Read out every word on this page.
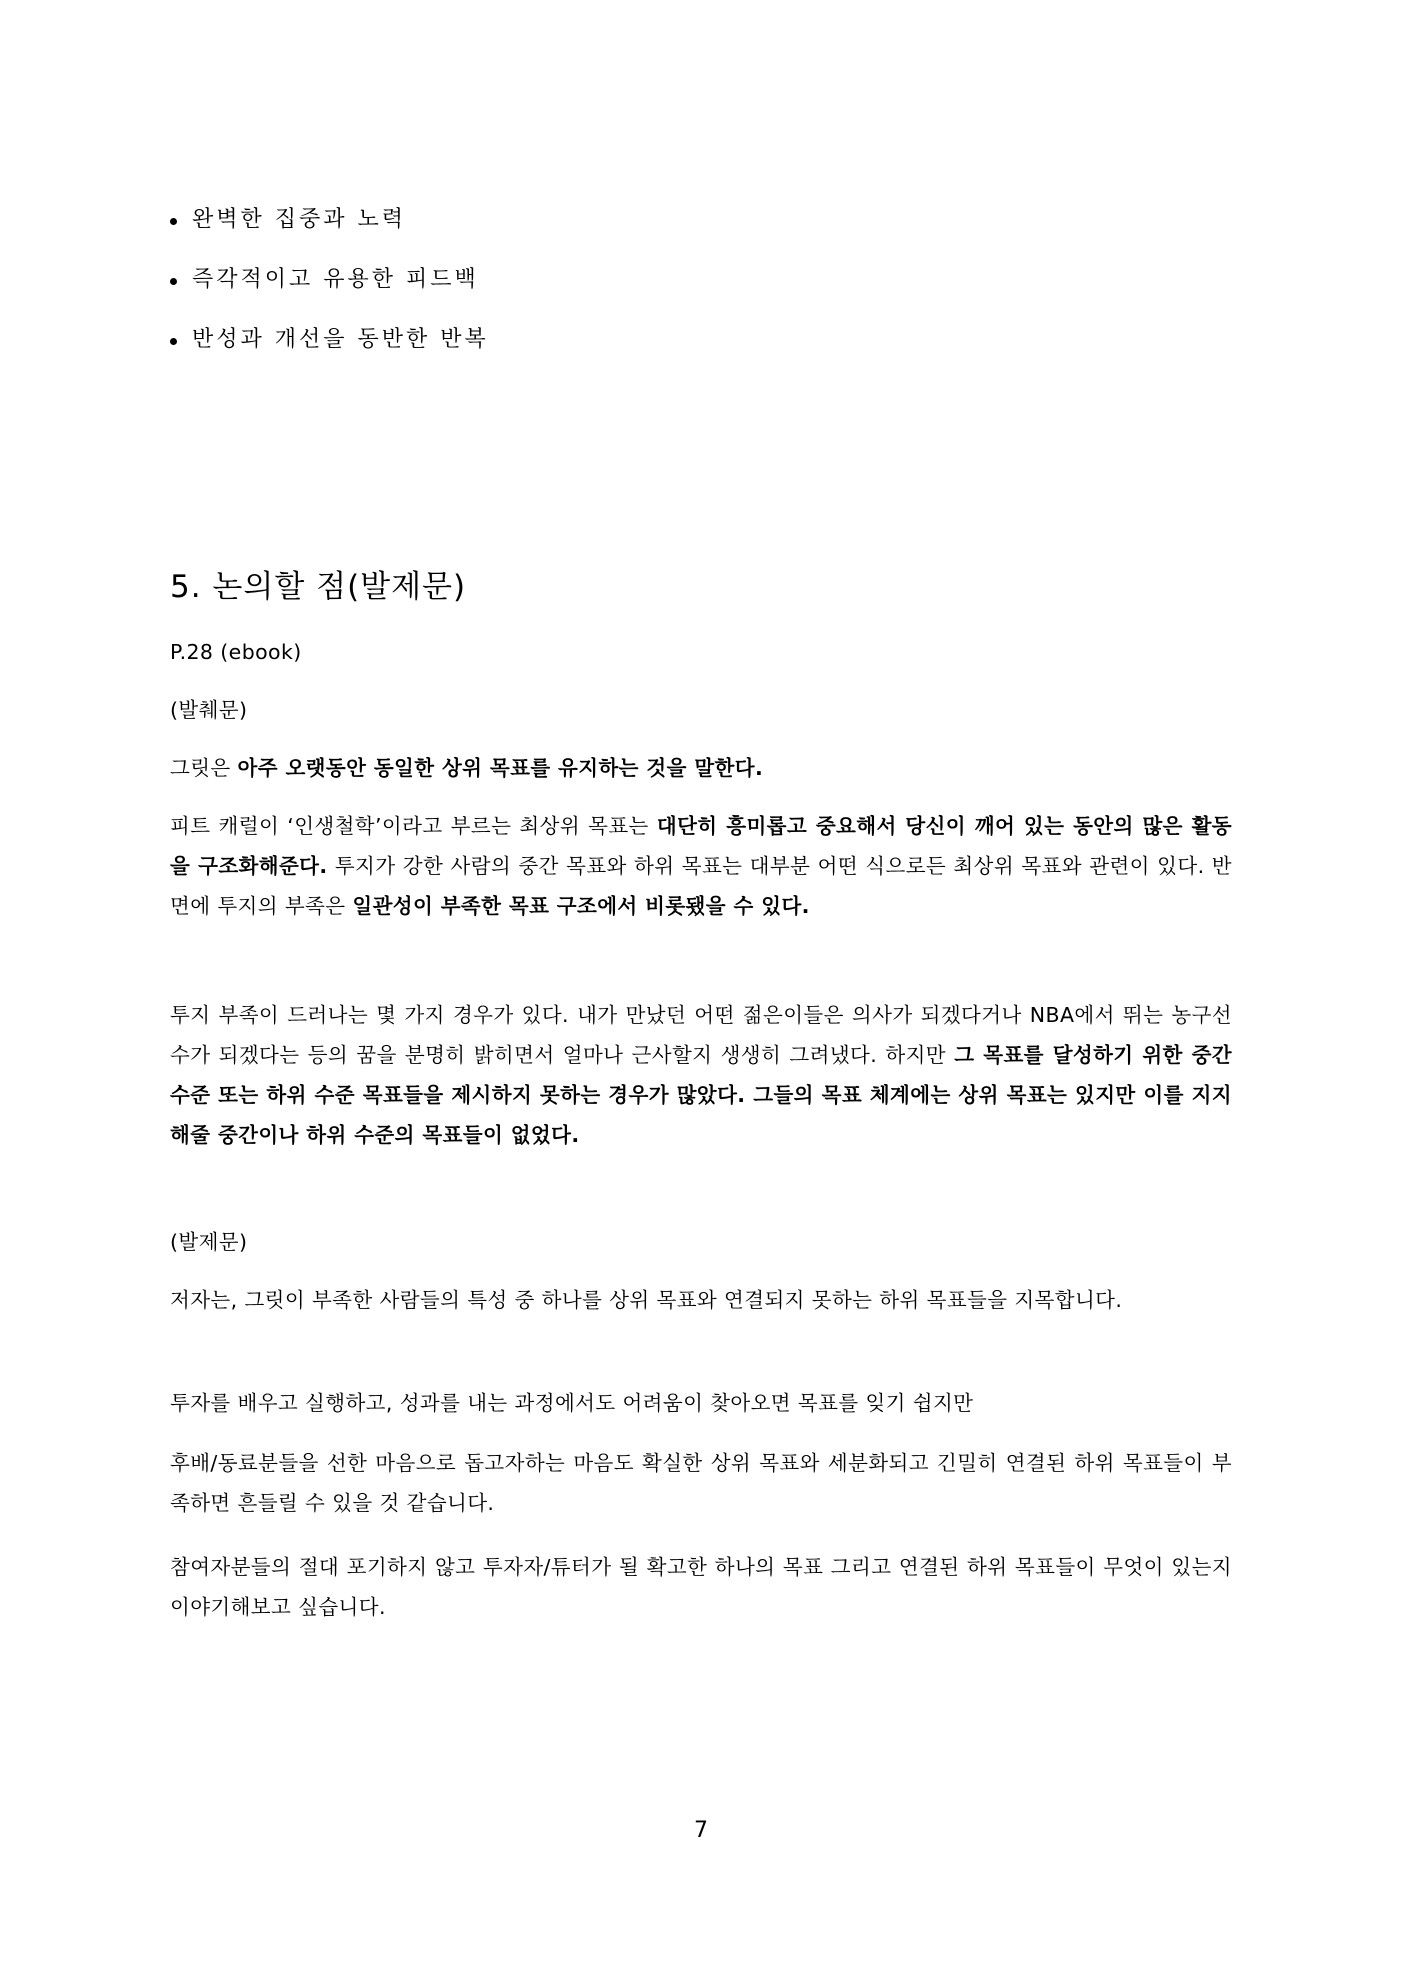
완벽한 집중과 노력
즉각적이고 유용한 피드백
반성과 개선을 동반한 반복
5. 논의할 점(발제문)

P.28 (ebook)

(발췌문)

그릿은 아주 오랫동안 동일한 상위 목표를 유지하는 것을 말한다.

피트 캐럴이 ‘인생철학’이라고 부르는 최상위 목표는 대단히 흥미롭고 중요해서 당신이 깨어 있는 동안의 많은 활동을 구조화해준다. 투지가 강한 사람의 중간 목표와 하위 목표는 대부분 어떤 식으로든 최상위 목표와 관련이 있다. 반면에 투지의 부족은 일관성이 부족한 목표 구조에서 비롯됐을 수 있다.

투지 부족이 드러나는 몇 가지 경우가 있다. 내가 만났던 어떤 젊은이들은 의사가 되겠다거나 NBA에서 뛰는 농구선수가 되겠다는 등의 꿈을 분명히 밝히면서 얼마나 근사할지 생생히 그려냈다. 하지만 그 목표를 달성하기 위한 중간 수준 또는 하위 수준 목표들을 제시하지 못하는 경우가 많았다. 그들의 목표 체계에는 상위 목표는 있지만 이를 지지해줄 중간이나 하위 수준의 목표들이 없었다.

(발제문)

저자는, 그릿이 부족한 사람들의 특성 중 하나를 상위 목표와 연결되지 못하는 하위 목표들을 지목합니다.

투자를 배우고 실행하고, 성과를 내는 과정에서도 어려움이 찾아오면 목표를 잊기 쉽지만

후배/동료분들을 선한 마음으로 돕고자하는 마음도 확실한 상위 목표와 세분화되고 긴밀히 연결된 하위 목표들이 부족하면 흔들릴 수 있을 것 같습니다.

참여자분들의 절대 포기하지 않고 투자자/튜터가 될 확고한 하나의 목표 그리고 연결된 하위 목표들이 무엇이 있는지 이야기해보고 싶습니다.

7
